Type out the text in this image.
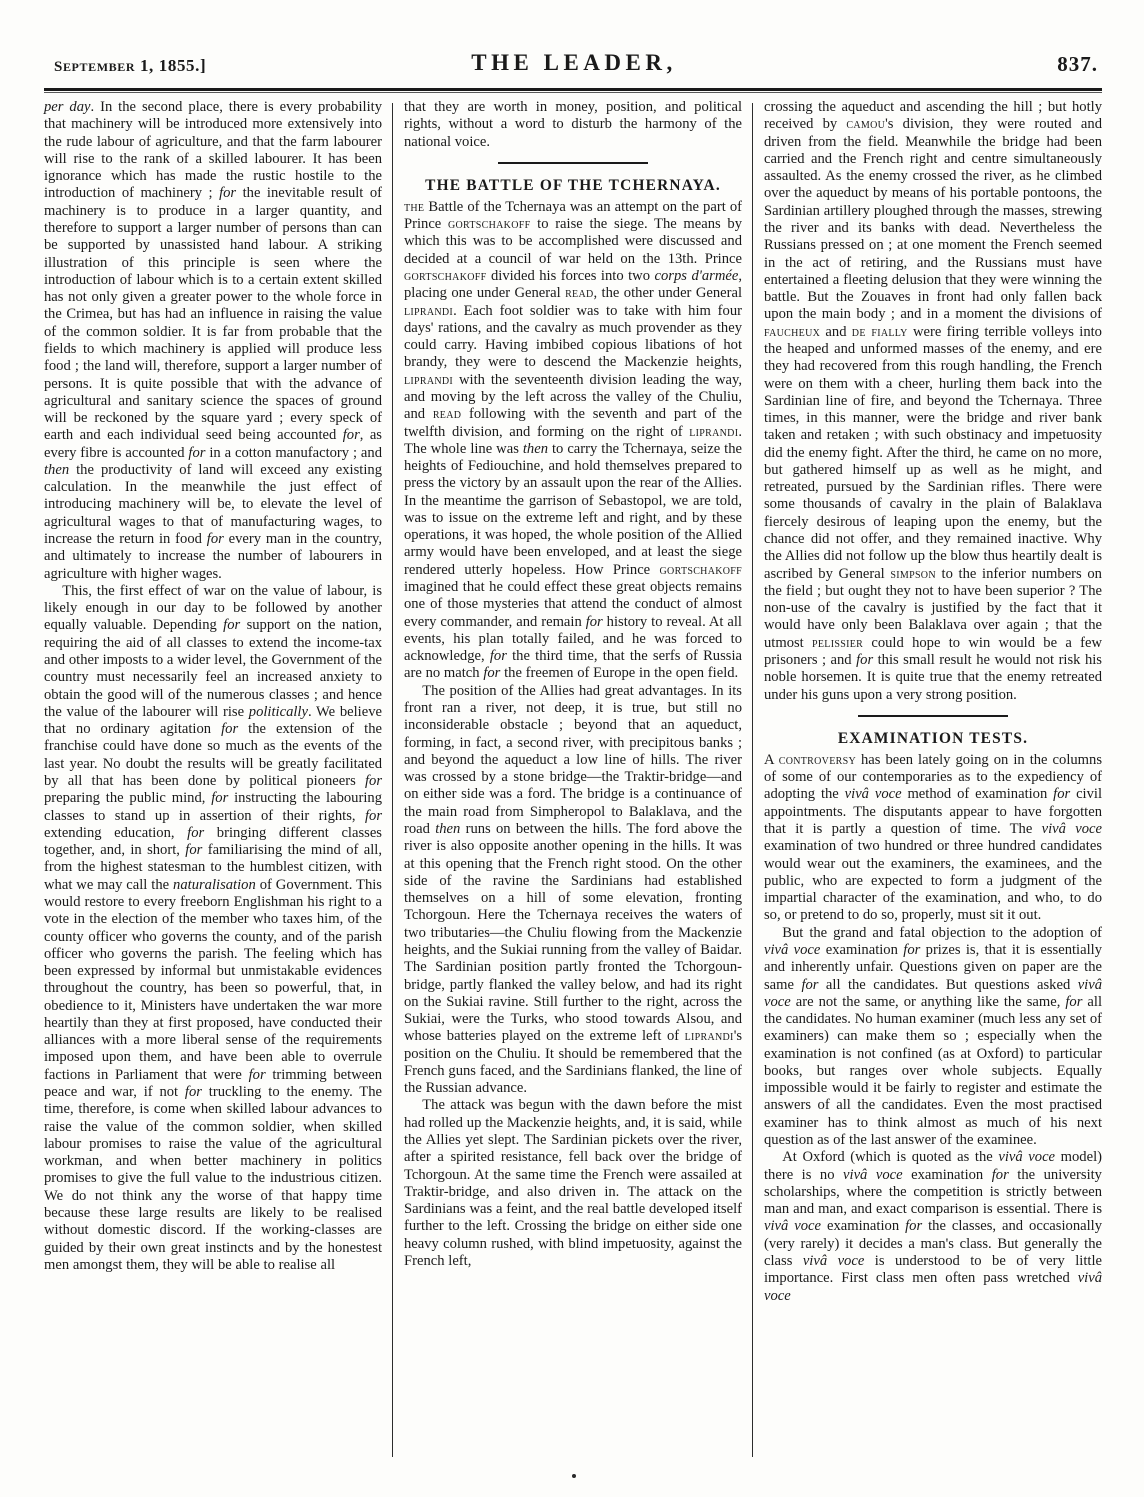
september 1, 1855.]	THE LEADER,	837.

per day. In the second place, there is every probability that machinery will be introduced more extensively into the rude labour of agriculture, and that the farm labourer will rise to the rank of a skilled labourer. It has been ignorance which has made the rustic hostile to the introduction of machinery ; for the inevitable result of machinery is to produce in a larger quantity, and therefore to support a larger number of persons than can be supported by unassisted hand labour. A striking illustration of this principle is seen where the introduction of labour which is to a certain extent skilled has not only given a greater power to the whole force in the Crimea, but has had an influence in raising the value of the common soldier. It is far from probable that the fields to which machinery is applied will produce less food ; the land will, therefore, support a larger number of persons. It is quite possible that with the advance of agricultural and sanitary science the spaces of ground will be reckoned by the square yard ; every speck of earth and each individual seed being accounted for, as every fibre is accounted for in a cotton manufactory ; and then the productivity of land will exceed any existing calculation. In the meanwhile the just effect of introducing machinery will be, to elevate the level of agricultural wages to that of manufacturing wages, to increase the return in food for every man in the country, and ultimately to increase the number of labourers in agriculture with higher wages.

This, the first effect of war on the value of labour, is likely enough in our day to be followed by another equally valuable. Depending for support on the nation, requiring the aid of all classes to extend the income-tax and other imposts to a wider level, the Government of the country must necessarily feel an increased anxiety to obtain the good will of the numerous classes ; and hence the value of the labourer will rise politically. We believe that no ordinary agitation for the extension of the franchise could have done so much as the events of the last year. No doubt the results will be greatly facilitated by all that has been done by political pioneers for preparing the public mind, for instructing the labouring classes to stand up in assertion of their rights, for extending education, for bringing different classes together, and, in short, for familiarising the mind of all, from the highest statesman to the humblest citizen, with what we may call the naturalisation of Government. This would restore to every freeborn Englishman his right to a vote in the election of the member who taxes him, of the county officer who governs the county, and of the parish officer who governs the parish. The feeling which has been expressed by informal but unmistakable evidences throughout the country, has been so powerful, that, in obedience to it, Ministers have undertaken the war more heartily than they at first proposed, have conducted their alliances with a more liberal sense of the requirements imposed upon them, and have been able to overrule factions in Parliament that were for trimming between peace and war, if not for truckling to the enemy. The time, therefore, is come when skilled labour advances to raise the value of the common soldier, when skilled labour promises to raise the value of the agricultural workman, and when better machinery in politics promises to give the full value to the industrious citizen. We do not think any the worse of that happy time because these large results are likely to be realised without domestic discord. If the working-classes are guided by their own great instincts and by the honestest men amongst them, they will be able to realise all

that they are worth in money, position, and political rights, without a word to disturb the harmony of the national voice.

THE BATTLE OF THE TCHERNAYA.

the Battle of the Tchernaya was an attempt on the part of Prince gortschakoff to raise the siege. The means by which this was to be accomplished were discussed and decided at a council of war held on the 13th. Prince gortschakoff divided his forces into two corps d'armée, placing one under General read, the other under General liprandi. Each foot soldier was to take with him four days' rations, and the cavalry as much provender as they could carry. Having imbibed copious libations of hot brandy, they were to descend the Mackenzie heights, liprandi with the seventeenth division leading the way, and moving by the left across the valley of the Chuliu, and read following with the seventh and part of the twelfth division, and forming on the right of liprandi. The whole line was then to carry the Tchernaya, seize the heights of Fediouchine, and hold themselves prepared to press the victory by an assault upon the rear of the Allies. In the meantime the garrison of Sebastopol, we are told, was to issue on the extreme left and right, and by these operations, it was hoped, the whole position of the Allied army would have been enveloped, and at least the siege rendered utterly hopeless. How Prince gortschakoff imagined that he could effect these great objects remains one of those mysteries that attend the conduct of almost every commander, and remain for history to reveal. At all events, his plan totally failed, and he was forced to acknowledge, for the third time, that the serfs of Russia are no match for the freemen of Europe in the open field.

The position of the Allies had great advantages. In its front ran a river, not deep, it is true, but still no inconsiderable obstacle ; beyond that an aqueduct, forming, in fact, a second river, with precipitous banks ; and beyond the aqueduct a low line of hills. The river was crossed by a stone bridge—the Traktir-bridge—and on either side was a ford. The bridge is a continuance of the main road from Simpheropol to Balaklava, and the road then runs on between the hills. The ford above the river is also opposite another opening in the hills. It was at this opening that the French right stood. On the other side of the ravine the Sardinians had established themselves on a hill of some elevation, fronting Tchorgoun. Here the Tchernaya receives the waters of two tributaries—the Chuliu flowing from the Mackenzie heights, and the Sukiai running from the valley of Baidar. The Sardinian position partly fronted the Tchorgoun-bridge, partly flanked the valley below, and had its right on the Sukiai ravine. Still further to the right, across the Sukiai, were the Turks, who stood towards Alsou, and whose batteries played on the extreme left of liprandi's position on the Chuliu. It should be remembered that the French guns faced, and the Sardinians flanked, the line of the Russian advance.

The attack was begun with the dawn before the mist had rolled up the Mackenzie heights, and, it is said, while the Allies yet slept. The Sardinian pickets over the river, after a spirited resistance, fell back over the bridge of Tchorgoun. At the same time the French were assailed at Traktir-bridge, and also driven in. The attack on the Sardinians was a feint, and the real battle developed itself further to the left. Crossing the bridge on either side one heavy column rushed, with blind impetuosity, against the French left,

crossing the aqueduct and ascending the hill ; but hotly received by camou's division, they were routed and driven from the field. Meanwhile the bridge had been carried and the French right and centre simultaneously assaulted. As the enemy crossed the river, as he climbed over the aqueduct by means of his portable pontoons, the Sardinian artillery ploughed through the masses, strewing the river and its banks with dead. Nevertheless the Russians pressed on ; at one moment the French seemed in the act of retiring, and the Russians must have entertained a fleeting delusion that they were winning the battle. But the Zouaves in front had only fallen back upon the main body ; and in a moment the divisions of faucheux and de fially were firing terrible volleys into the heaped and unformed masses of the enemy, and ere they had recovered from this rough handling, the French were on them with a cheer, hurling them back into the Sardinian line of fire, and beyond the Tchernaya. Three times, in this manner, were the bridge and river bank taken and retaken ; with such obstinacy and impetuosity did the enemy fight. After the third, he came on no more, but gathered himself up as well as he might, and retreated, pursued by the Sardinian rifles. There were some thousands of cavalry in the plain of Balaklava fiercely desirous of leaping upon the enemy, but the chance did not offer, and they remained inactive. Why the Allies did not follow up the blow thus heartily dealt is ascribed by General simpson to the inferior numbers on the field ; but ought they not to have been superior ? The non-use of the cavalry is justified by the fact that it would have only been Balaklava over again ; that the utmost pelissier could hope to win would be a few prisoners ; and for this small result he would not risk his noble horsemen. It is quite true that the enemy retreated under his guns upon a very strong position.

EXAMINATION TESTS.

A controversy has been lately going on in the columns of some of our contemporaries as to the expediency of adopting the vivâ voce method of examination for civil appointments. The disputants appear to have forgotten that it is partly a question of time. The vivâ voce examination of two hundred or three hundred candidates would wear out the examiners, the examinees, and the public, who are expected to form a judgment of the impartial character of the examination, and who, to do so, or pretend to do so, properly, must sit it out.

But the grand and fatal objection to the adoption of vivâ voce examination for prizes is, that it is essentially and inherently unfair. Questions given on paper are the same for all the candidates. But questions asked vivâ voce are not the same, or anything like the same, for all the candidates. No human examiner (much less any set of examiners) can make them so ; especially when the examination is not confined (as at Oxford) to particular books, but ranges over whole subjects. Equally impossible would it be fairly to register and estimate the answers of all the candidates. Even the most practised examiner has to think almost as much of his next question as of the last answer of the examinee.

At Oxford (which is quoted as the vivâ voce model) there is no vivâ voce examination for the university scholarships, where the competition is strictly between man and man, and exact comparison is essential. There is vivâ voce examination for the classes, and occasionally (very rarely) it decides a man's class. But generally the class vivâ voce is understood to be of very little importance. First class men often pass wretched vivâ voce
